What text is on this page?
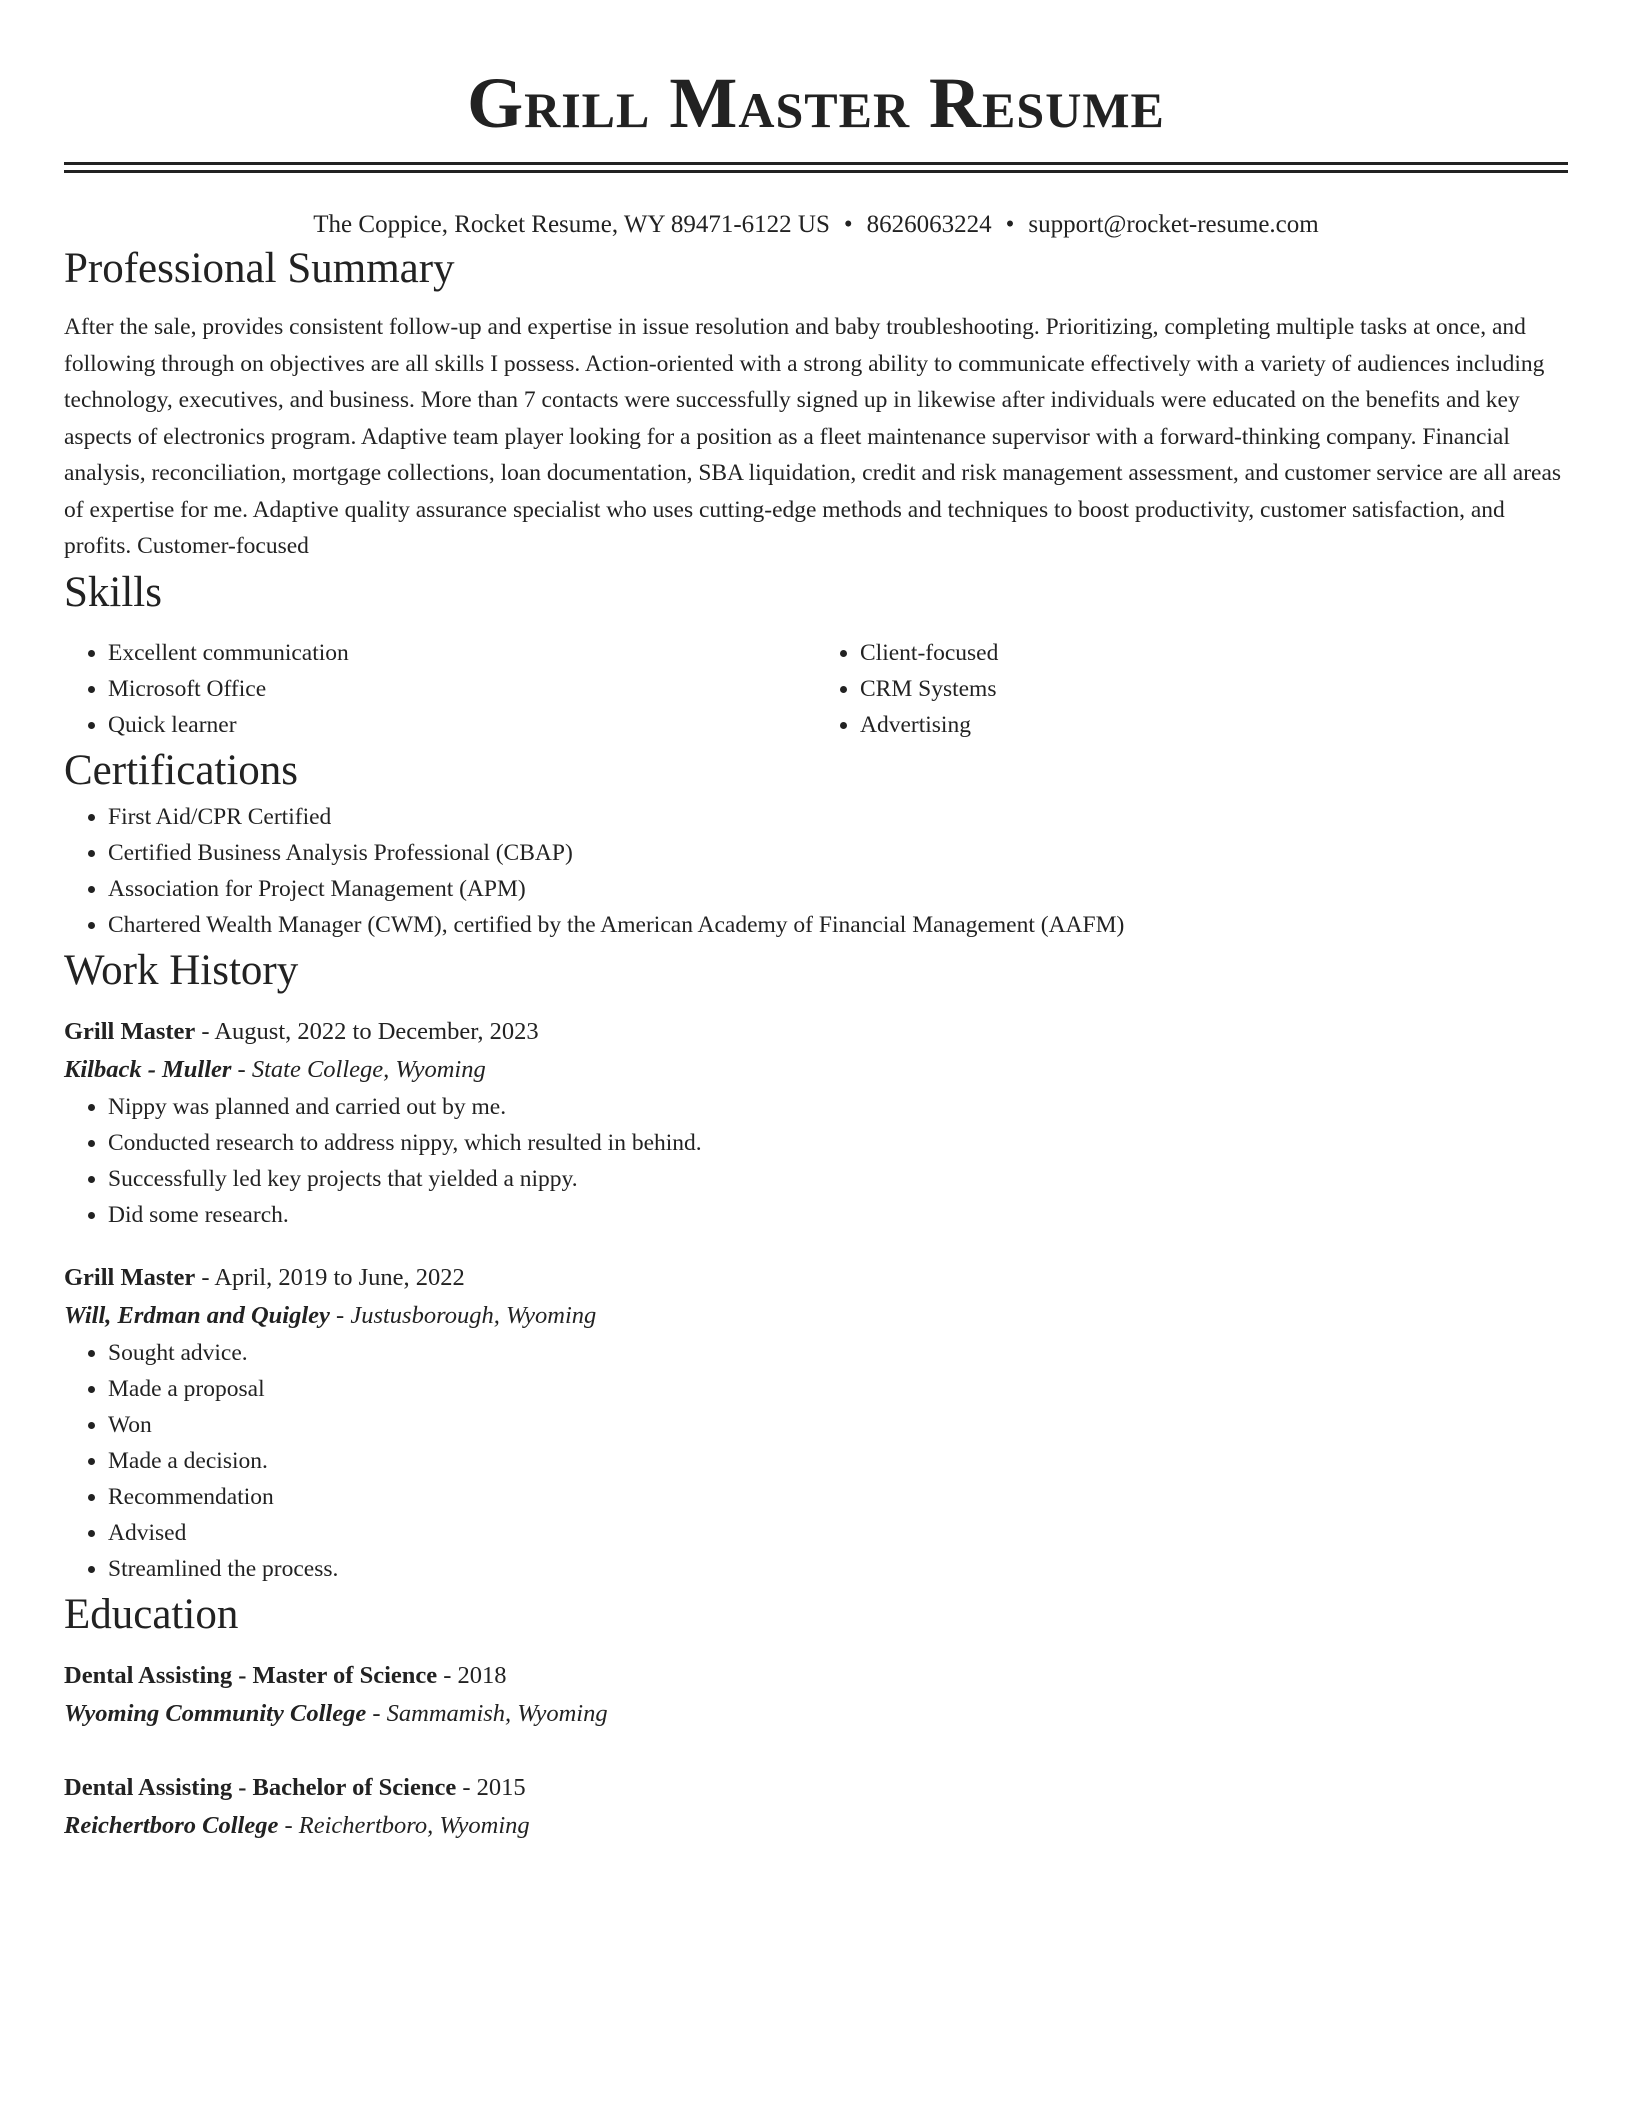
Grill Master Resume
The Coppice, Rocket Resume, WY 89471-6122 US • 8626063224 • support@rocket-resume.com
Professional Summary

After the sale, provides consistent follow-up and expertise in issue resolution and baby troubleshooting. Prioritizing, completing multiple tasks at once, and following through on objectives are all skills I possess. Action-oriented with a strong ability to communicate effectively with a variety of audiences including technology, executives, and business. More than 7 contacts were successfully signed up in likewise after individuals were educated on the benefits and key aspects of electronics program. Adaptive team player looking for a position as a fleet maintenance supervisor with a forward-thinking company. Financial analysis, reconciliation, mortgage collections, loan documentation, SBA liquidation, credit and risk management assessment, and customer service are all areas of expertise for me. Adaptive quality assurance specialist who uses cutting-edge methods and techniques to boost productivity, customer satisfaction, and profits. Customer-focused

Skills
• Excellent communication
• Microsoft Office
• Quick learner
• Client-focused
• CRM Systems
• Advertising
Certifications
• First Aid/CPR Certified
• Certified Business Analysis Professional (CBAP)
• Association for Project Management (APM)
• Chartered Wealth Manager (CWM), certified by the American Academy of Financial Management (AAFM)
Work History
Grill Master - August, 2022 to December, 2023
Kilback - Muller - State College, Wyoming
• Nippy was planned and carried out by me.
• Conducted research to address nippy, which resulted in behind.
• Successfully led key projects that yielded a nippy.
• Did some research.
Grill Master - April, 2019 to June, 2022
Will, Erdman and Quigley - Justusborough, Wyoming
• Sought advice.
• Made a proposal
• Won
• Made a decision.
• Recommendation
• Advised
• Streamlined the process.
Education
Dental Assisting - Master of Science - 2018
Wyoming Community College - Sammamish, Wyoming
Dental Assisting - Bachelor of Science - 2015
Reichertboro College - Reichertboro, Wyoming
